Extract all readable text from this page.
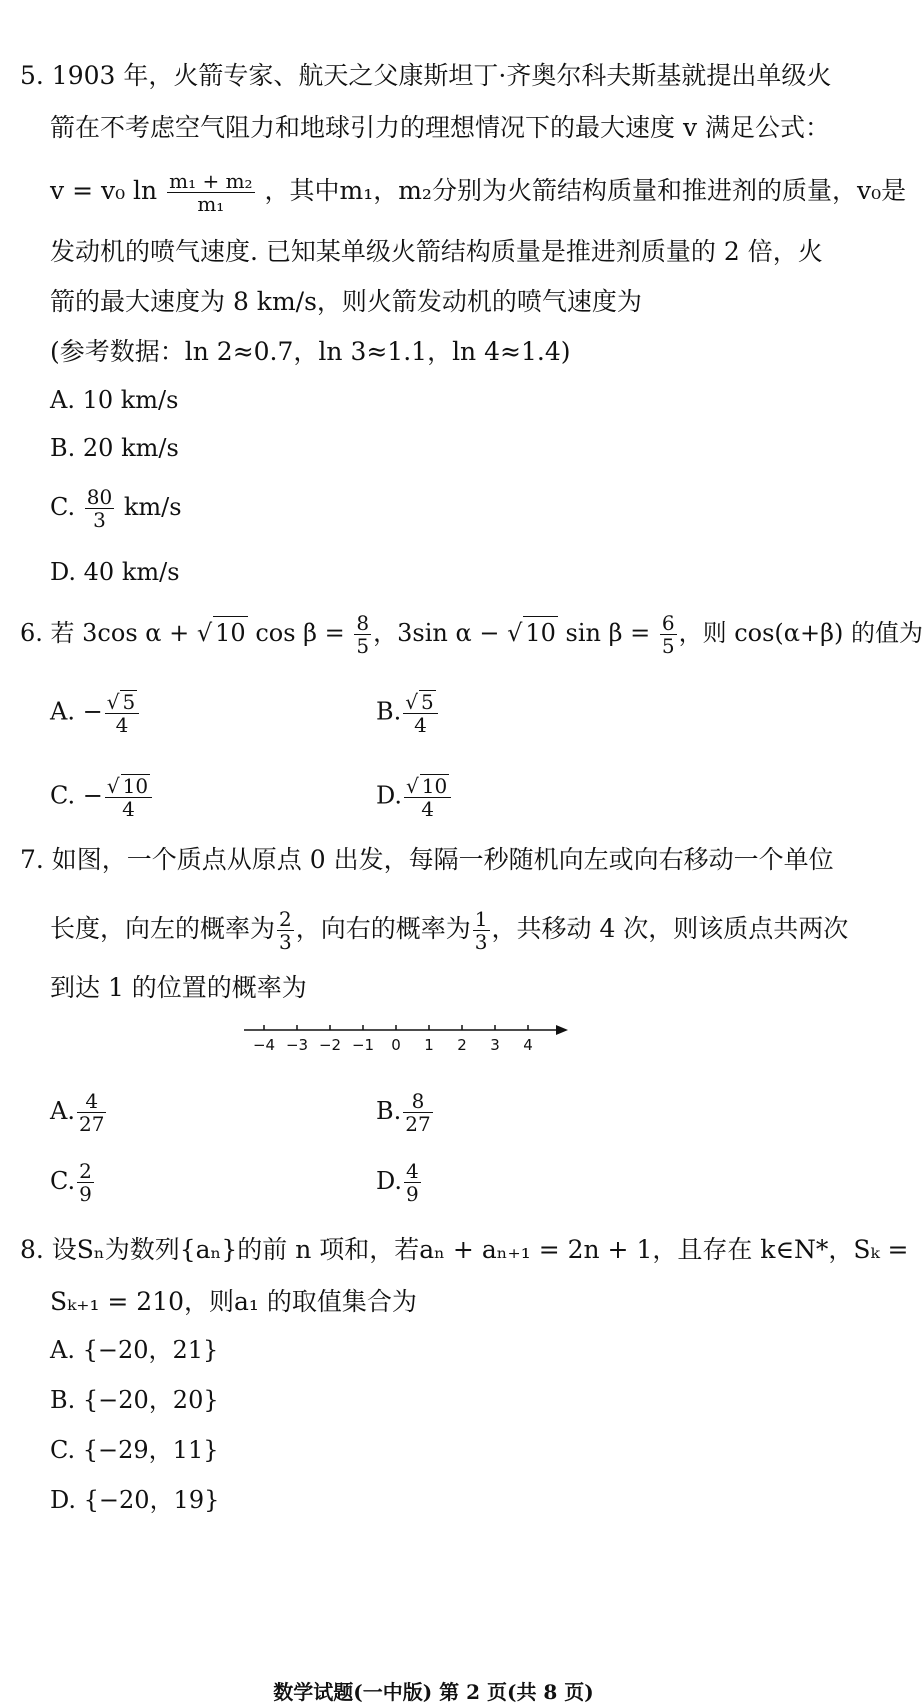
5. 1903 年，火箭专家、航天之父康斯坦丁·齐奥尔科夫斯基就提出单级火
箭在不考虑空气阻力和地球引力的理想情况下的最大速度 v 满足公式：
v = v₀ $\ln \frac{\text{m₁ + m₂}}{\text{m₁}}$ ，其中m₁，m₂分别为火箭结构质量和推进剂的质量，v₀是
发动机的喷气速度. 已知某单级火箭结构质量是推进剂质量的 2 倍，火
箭的最大速度为 8 km/s，则火箭发动机的喷气速度为
(参考数据：ln 2≈0.7，ln 3≈1.1，ln 4≈1.4)
A. 10 km/s
B. 20 km/s
C. $\frac{80}{3} km/s$
D. 40 km/s
6. 若 3cos α + √ 10 $\cos \beta = \frac{8}{5}$ ，3sin α − √ 10 $\sin \beta = \frac{6}{5}$ ，则 cos(α+β) 的值为
A. − $\frac{√ 5}{4}$	B. $\frac{√ 5}{4}$
C. − $\frac{√ 10}{4}$	D. $\frac{√ 10}{4}$
7. 如图，一个质点从原点 0 出发，每隔一秒随机向左或向右移动一个单位
长度，向左的概率为 $\frac{2}{3}$ ，向右的概率为 $\frac{1}{3}$ ，共移动 4 次，则该质点共两次
到达 1 的位置的概率为
−4 −3 −2 −1 0 1 2 3 4
A. $\frac{4}{27}$	B. $\frac{8}{27}$
C. $\frac{2}{9}$	D. $\frac{4}{9}$
8. 设Sₙ为数列{aₙ}的前 n 项和，若aₙ + aₙ₊₁ = 2n + 1，且存在 k∈N*，Sₖ =
Sₖ₊₁ = 210，则a₁ 的取值集合为
A. {−20，21}
B. {−20，20}
C. {−29，11}
D. {−20，19}
数学试题(一中版) 第 2 页(共 8 页)
